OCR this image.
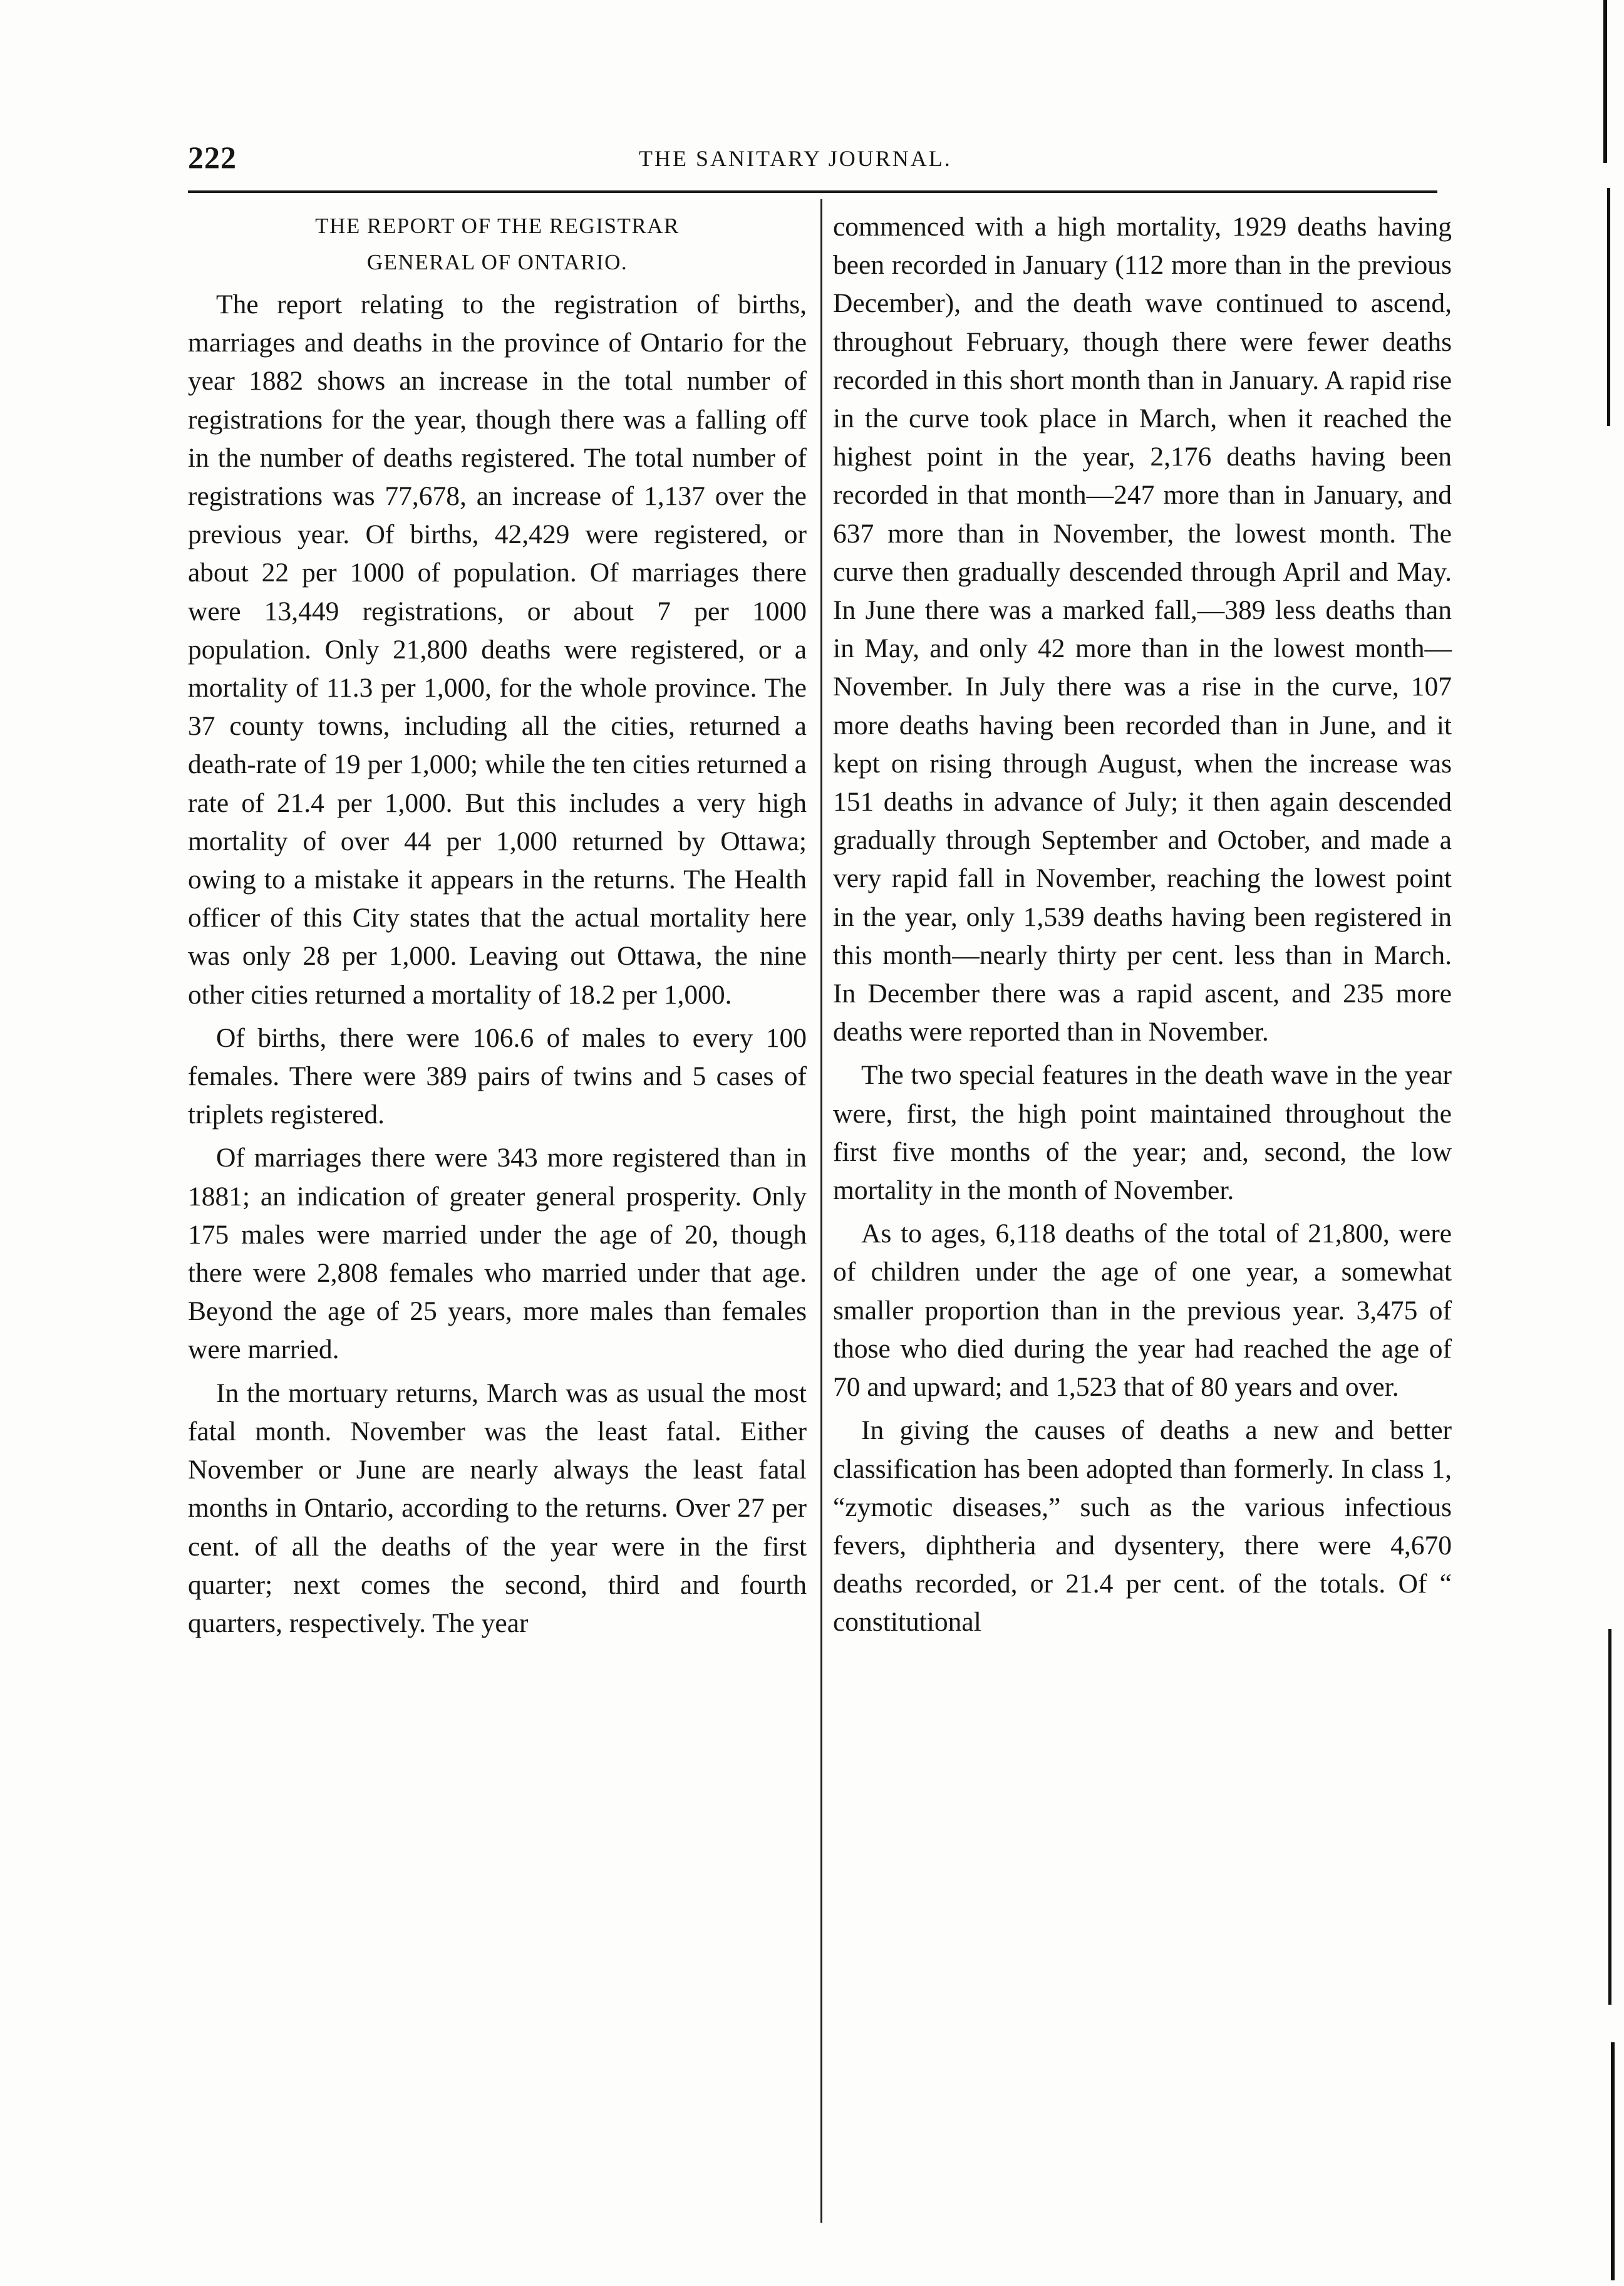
222	THE SANITARY JOURNAL.
THE REPORT OF THE REGISTRAR
GENERAL OF ONTARIO.

The report relating to the registration of births, marriages and deaths in the province of Ontario for the year 1882 shows an increase in the total number of registrations for the year, though there was a falling off in the number of deaths registered. The total number of registrations was 77,678, an increase of 1,137 over the previous year. Of births, 42,429 were registered, or about 22 per 1000 of population. Of marriages there were 13,449 registrations, or about 7 per 1000 population. Only 21,800 deaths were registered, or a mortality of 11.3 per 1,000, for the whole province. The 37 county towns, including all the cities, returned a death-rate of 19 per 1,000; while the ten cities returned a rate of 21.4 per 1,000. But this includes a very high mortality of over 44 per 1,000 returned by Ottawa; owing to a mistake it appears in the returns. The Health officer of this City states that the actual mortality here was only 28 per 1,000. Leaving out Ottawa, the nine other cities returned a mortality of 18.2 per 1,000.

Of births, there were 106.6 of males to every 100 females. There were 389 pairs of twins and 5 cases of triplets registered.

Of marriages there were 343 more registered than in 1881; an indication of greater general prosperity. Only 175 males were married under the age of 20, though there were 2,808 females who married under that age. Beyond the age of 25 years, more males than females were married.

In the mortuary returns, March was as usual the most fatal month. November was the least fatal. Either November or June are nearly always the least fatal months in Ontario, according to the returns. Over 27 per cent. of all the deaths of the year were in the first quarter; next comes the second, third and fourth quarters, respectively. The year

commenced with a high mortality, 1929 deaths having been recorded in January (112 more than in the previous December), and the death wave continued to ascend, throughout February, though there were fewer deaths recorded in this short month than in January. A rapid rise in the curve took place in March, when it reached the highest point in the year, 2,176 deaths having been recorded in that month—247 more than in January, and 637 more than in November, the lowest month. The curve then gradually descended through April and May. In June there was a marked fall,—389 less deaths than in May, and only 42 more than in the lowest month—November. In July there was a rise in the curve, 107 more deaths having been recorded than in June, and it kept on rising through August, when the increase was 151 deaths in advance of July; it then again descended gradually through September and October, and made a very rapid fall in November, reaching the lowest point in the year, only 1,539 deaths having been registered in this month—nearly thirty per cent. less than in March. In December there was a rapid ascent, and 235 more deaths were reported than in November.

The two special features in the death wave in the year were, first, the high point maintained throughout the first five months of the year; and, second, the low mortality in the month of November.

As to ages, 6,118 deaths of the total of 21,800, were of children under the age of one year, a somewhat smaller proportion than in the previous year. 3,475 of those who died during the year had reached the age of 70 and upward; and 1,523 that of 80 years and over.

In giving the causes of deaths a new and better classification has been adopted than formerly. In class 1, “zymotic diseases,” such as the various infectious fevers, diphtheria and dysentery, there were 4,670 deaths recorded, or 21.4 per cent. of the totals. Of “ constitutional
